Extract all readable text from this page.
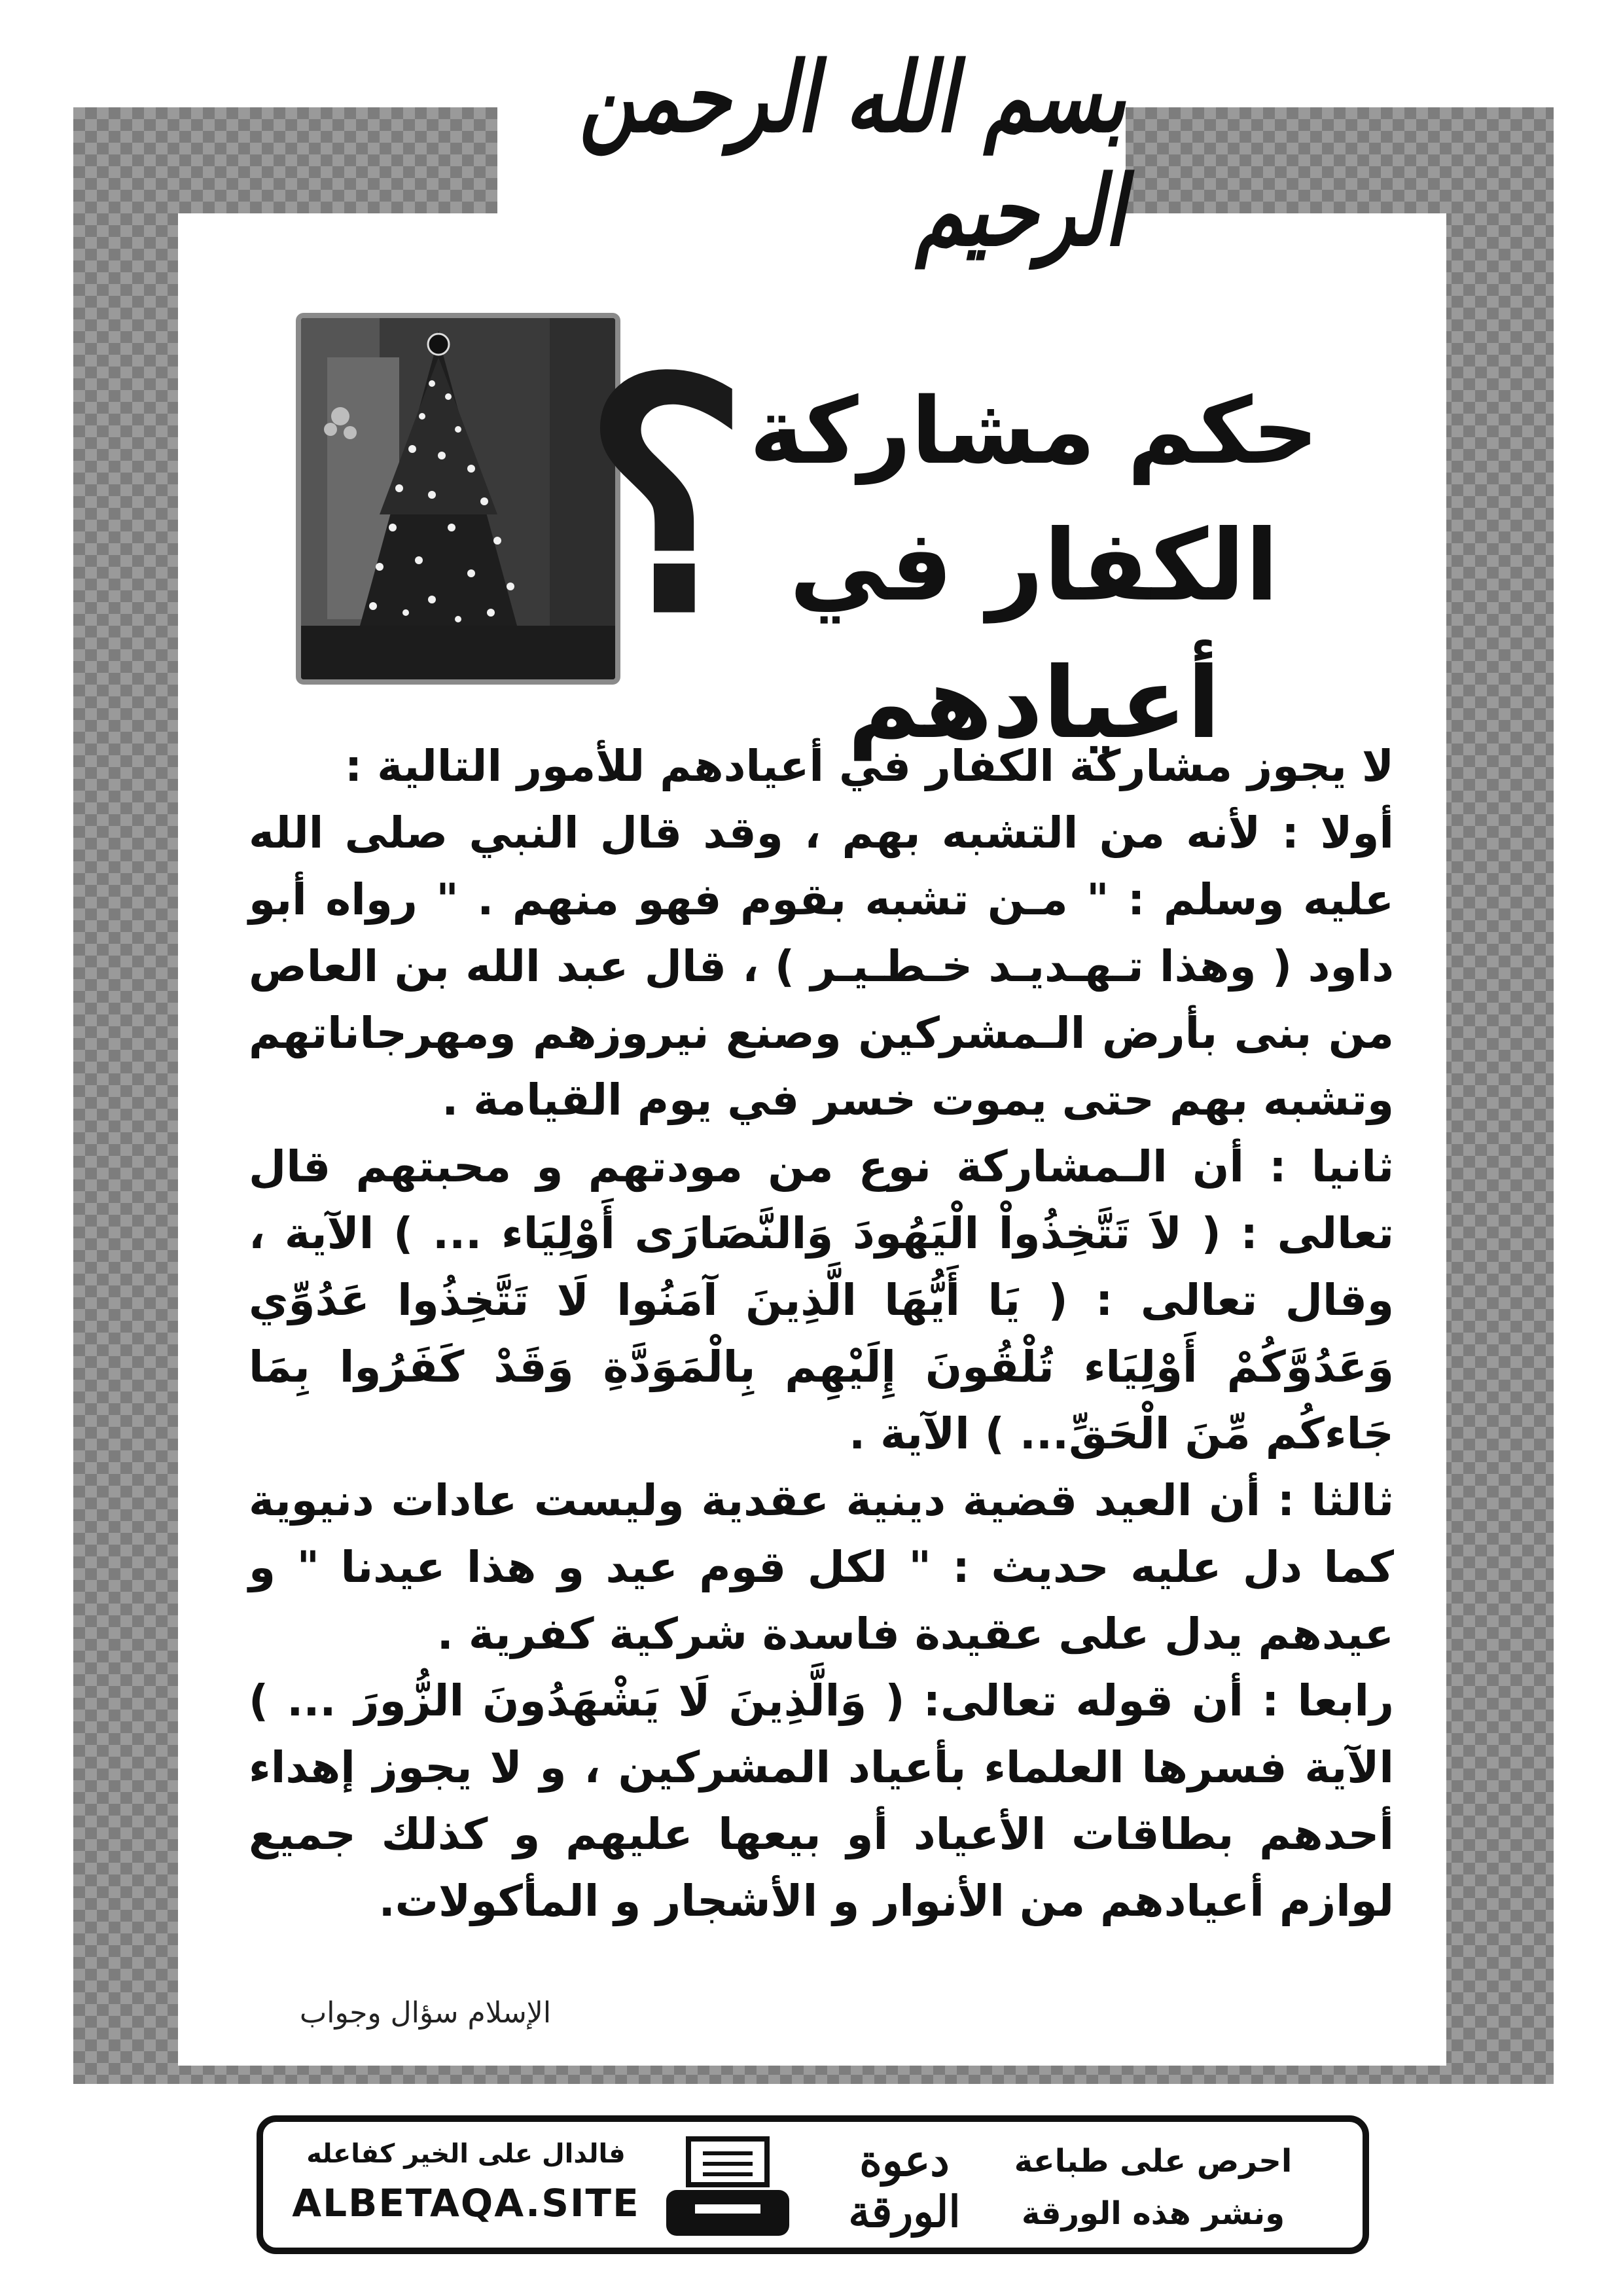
بسم الله الرحمن الرحيم
؟ حكم مشاركة
الكفار في أعيادهم

لا يجوز مشاركة الكفار في أعيادهم للأمور التالية :

أولا : لأنه من التشبه بهم ، وقد قال النبي صلى الله عليه وسلم : " مـن تشبه بقوم فهو منهم . " رواه أبو داود ( وهذا تـهـديـد خـطـيـر ) ، قال عبد الله بن العاص من بنى بأرض الـمشركين وصنع نيروزهم ومهرجاناتهم وتشبه بهم حتى يموت خسر في يوم القيامة .

ثانيا : أن الـمشاركة نوع من مودتهم و محبتهم قال تعالى : ( لاَ تَتَّخِذُواْ الْيَهُودَ وَالنَّصَارَى أَوْلِيَاء ... ) الآية ، وقال تعالى : ( يَا أَيُّهَا الَّذِينَ آمَنُوا لَا تَتَّخِذُوا عَدُوِّي وَعَدُوَّكُمْ أَوْلِيَاء تُلْقُونَ إِلَيْهِم بِالْمَوَدَّةِ وَقَدْ كَفَرُوا بِمَا جَاءكُم مِّنَ الْحَقِّ... ) الآية .

ثالثا : أن العيد قضية دينية عقدية وليست عادات دنيوية كما دل عليه حديث : " لكل قوم عيد و هذا عيدنا " و عيدهم يدل على عقيدة فاسدة شركية كفرية .

رابعا : أن قوله تعالى: ( وَالَّذِينَ لَا يَشْهَدُونَ الزُّورَ ... ) الآية فسرها العلماء بأعياد المشركين ، و لا يجوز إهداء أحدهم بطاقات الأعياد أو بيعها عليهم و كذلك جميع لوازم أعيادهم من الأنوار و الأشجار و المأكولات.

الإسلام سؤال وجواب
فالدال على الخير كفاعله
ALBETAQA.SITE
دعوة
الورقة
احرص على طباعة
ونشر هذه الورقة
